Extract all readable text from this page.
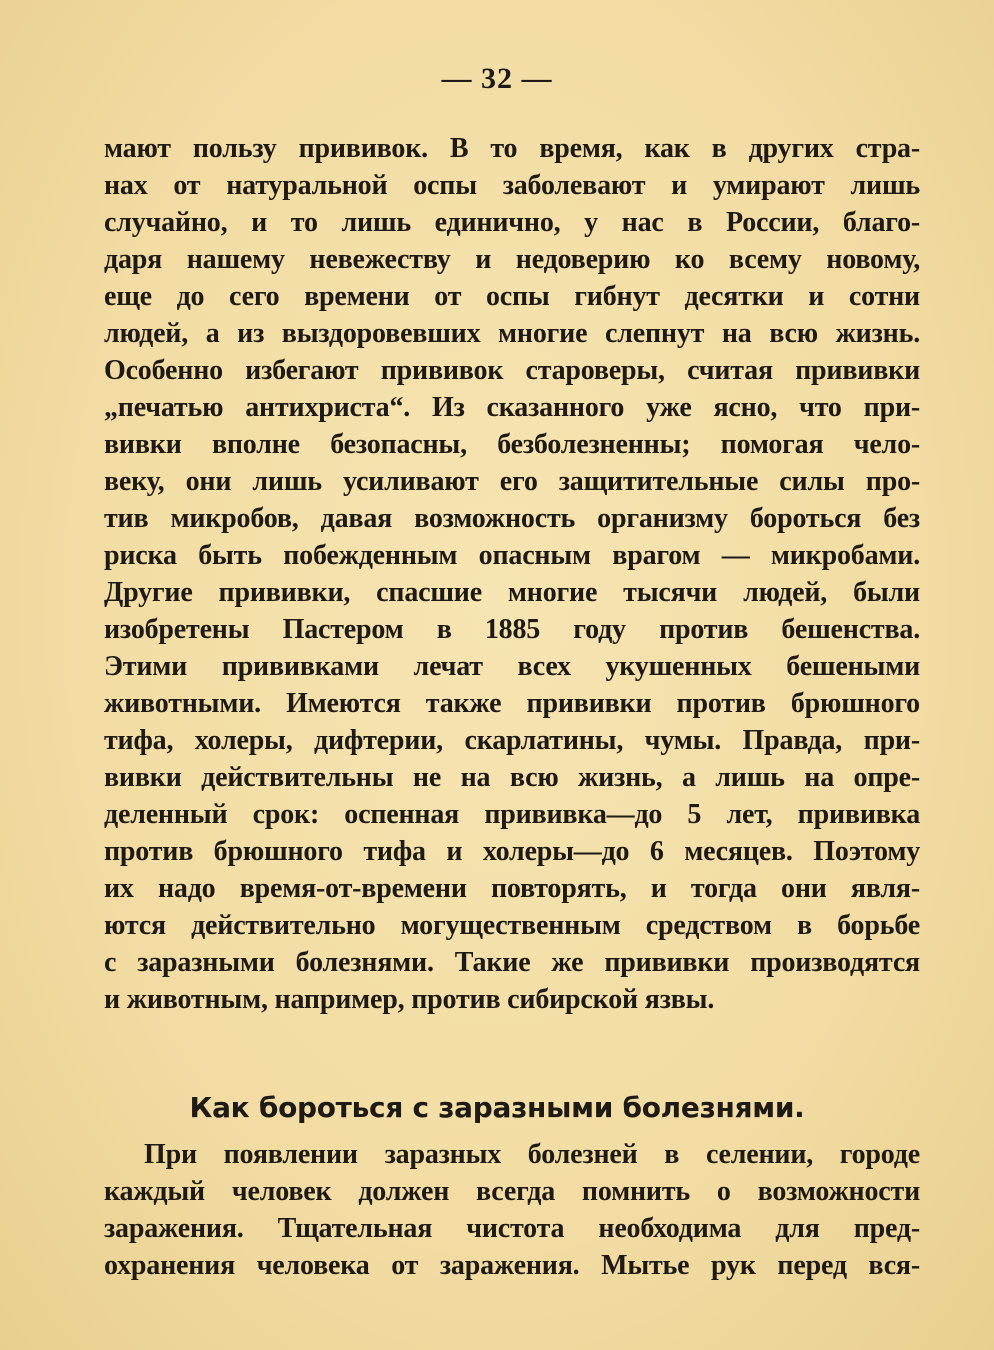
— 32 —

мают пользу прививок. В то время, как в других стра-
нах от натуральной оспы заболевают и умирают лишь
случайно, и то лишь единично, у нас в России, благо-
даря нашему невежеству и недоверию ко всему новому,
еще до сего времени от оспы гибнут десятки и сотни
людей, а из выздоровевших многие слепнут на всю жизнь.
Особенно избегают прививок староверы, считая прививки
„печатью антихриста“. Из сказанного уже ясно, что при-
вивки вполне безопасны, безболезненны; помогая чело-
веку, они лишь усиливают его защитительные силы про-
тив микробов, давая возможность организму бороться без
риска быть побежденным опасным врагом — микробами.
Другие прививки, спасшие многие тысячи людей, были
изобретены Пастером в 1885 году против бешенства.
Этими прививками лечат всех укушенных бешеными
животными. Имеются также прививки против брюшного
тифа, холеры, дифтерии, скарлатины, чумы. Правда, при-
вивки действительны не на всю жизнь, а лишь на опре-
деленный срок: оспенная прививка—до 5 лет, прививка
против брюшного тифа и холеры—до 6 месяцев. Поэтому
их надо время-от-времени повторять, и тогда они явля-
ются действительно могущественным средством в борьбе
с заразными болезнями. Такие же прививки производятся
и животным, например, против сибирской язвы.

Как бороться с заразными болезнями.

При появлении заразных болезней в селении, городе
каждый человек должен всегда помнить о возможности
заражения. Тщательная чистота необходима для пред-
охранения человека от заражения. Мытье рук перед вся-
